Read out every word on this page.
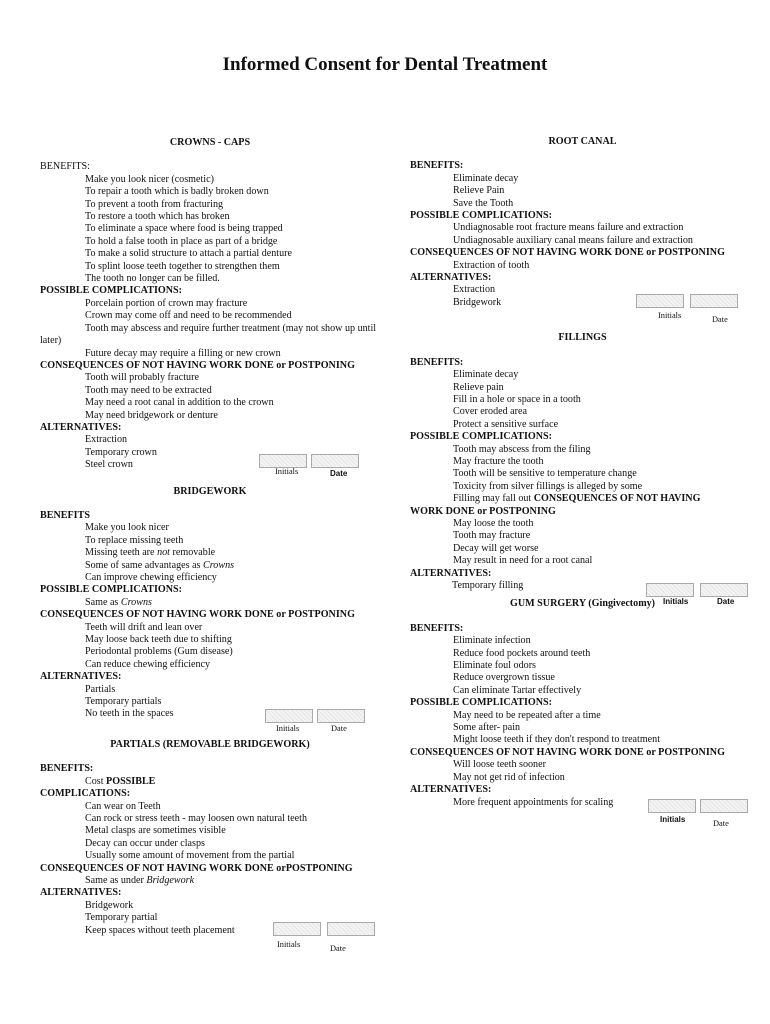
Informed Consent for Dental Treatment
CROWNS - CAPS
BENEFITS:
Make you look nicer (cosmetic)
To repair a tooth which is badly broken down
To prevent a tooth from fracturing
To restore a tooth which has broken
To eliminate a space where food is being trapped
To hold a false tooth in place as part of a bridge
To make a solid structure to attach a partial denture
To splint loose teeth together to strengthen them
The tooth no longer can be filled.
POSSIBLE COMPLICATIONS:
Porcelain portion of crown may fracture
Crown may come off and need to be recommended
Tooth may abscess and require further treatment (may not show up until later)
Future decay may require a filling or new crown
CONSEQUENCES OF NOT HAVING WORK DONE or POSTPONING
Tooth will probably fracture
Tooth may need to be extracted
May need a root canal in addition to the crown
May need bridgework or denture
ALTERNATIVES:
Extraction
Temporary crown
Steel crown
Initials	Date
BRIDGEWORK
BENEFITS
Make you look nicer
To replace missing teeth
Missing teeth are not removable
Some of same advantages as Crowns
Can improve chewing efficiency
POSSIBLE COMPLICATIONS:
Same as Crowns
CONSEQUENCES OF NOT HAVING WORK DONE or POSTPONING
Teeth will drift and lean over
May loose back teeth due to shifting
Periodontal problems (Gum disease)
Can reduce chewing efficiency
ALTERNATIVES:
Partials
Temporary partials
No teeth in the spaces
Initials	Date
PARTIALS (REMOVABLE BRIDGEWORK)
BENEFITS:
Cost POSSIBLE
COMPLICATIONS:
Can wear on Teeth
Can rock or stress teeth - may loosen own natural teeth
Metal clasps are sometimes visible
Decay can occur under clasps
Usually some amount of movement from the partial
CONSEQUENCES OF NOT HAVING WORK DONE orPOSTPONING
Same as under Bridgework
ALTERNATIVES:
Bridgework
Temporary partial
Keep spaces without teeth placement
Initials	Date
ROOT CANAL
BENEFITS:
Eliminate decay
Relieve Pain
Save the Tooth
POSSIBLE COMPLICATIONS:
Undiagnosable root fracture means failure and extraction
Undiagnosable auxiliary canal means failure and extraction
CONSEQUENCES OF NOT HAVING WORK DONE or POSTPONING
Extraction of tooth
ALTERNATIVES:
Extraction
Bridgework
Initials	Date
FILLINGS
BENEFITS:
Eliminate decay
Relieve pain
Fill in a hole or space in a tooth
Cover eroded area
Protect a sensitive surface
POSSIBLE COMPLICATIONS:
Tooth may abscess from the filing
May fracture the tooth
Tooth will be sensitive to temperature change
Toxicity from silver fillings is alleged by some
Filling may fall out CONSEQUENCES OF NOT HAVING
WORK DONE or POSTPONING
May loose the tooth
Tooth may fracture
Decay will get worse
May result in need for a root canal
ALTERNATIVES:
Temporary filling
Initials	Date
GUM SURGERY (Gingivectomy)
BENEFITS:
Eliminate infection
Reduce food pockets around teeth
Eliminate foul odors
Reduce overgrown tissue
Can eliminate Tartar effectively
POSSIBLE COMPLICATIONS:
May need to be repeated after a time
Some after- pain
Might loose teeth if they don't respond to treatment
CONSEQUENCES OF NOT HAVING WORK DONE or POSTPONING
Will loose teeth sooner
May not get rid of infection
ALTERNATIVES:
More frequent appointments for scaling
Initials	Date
